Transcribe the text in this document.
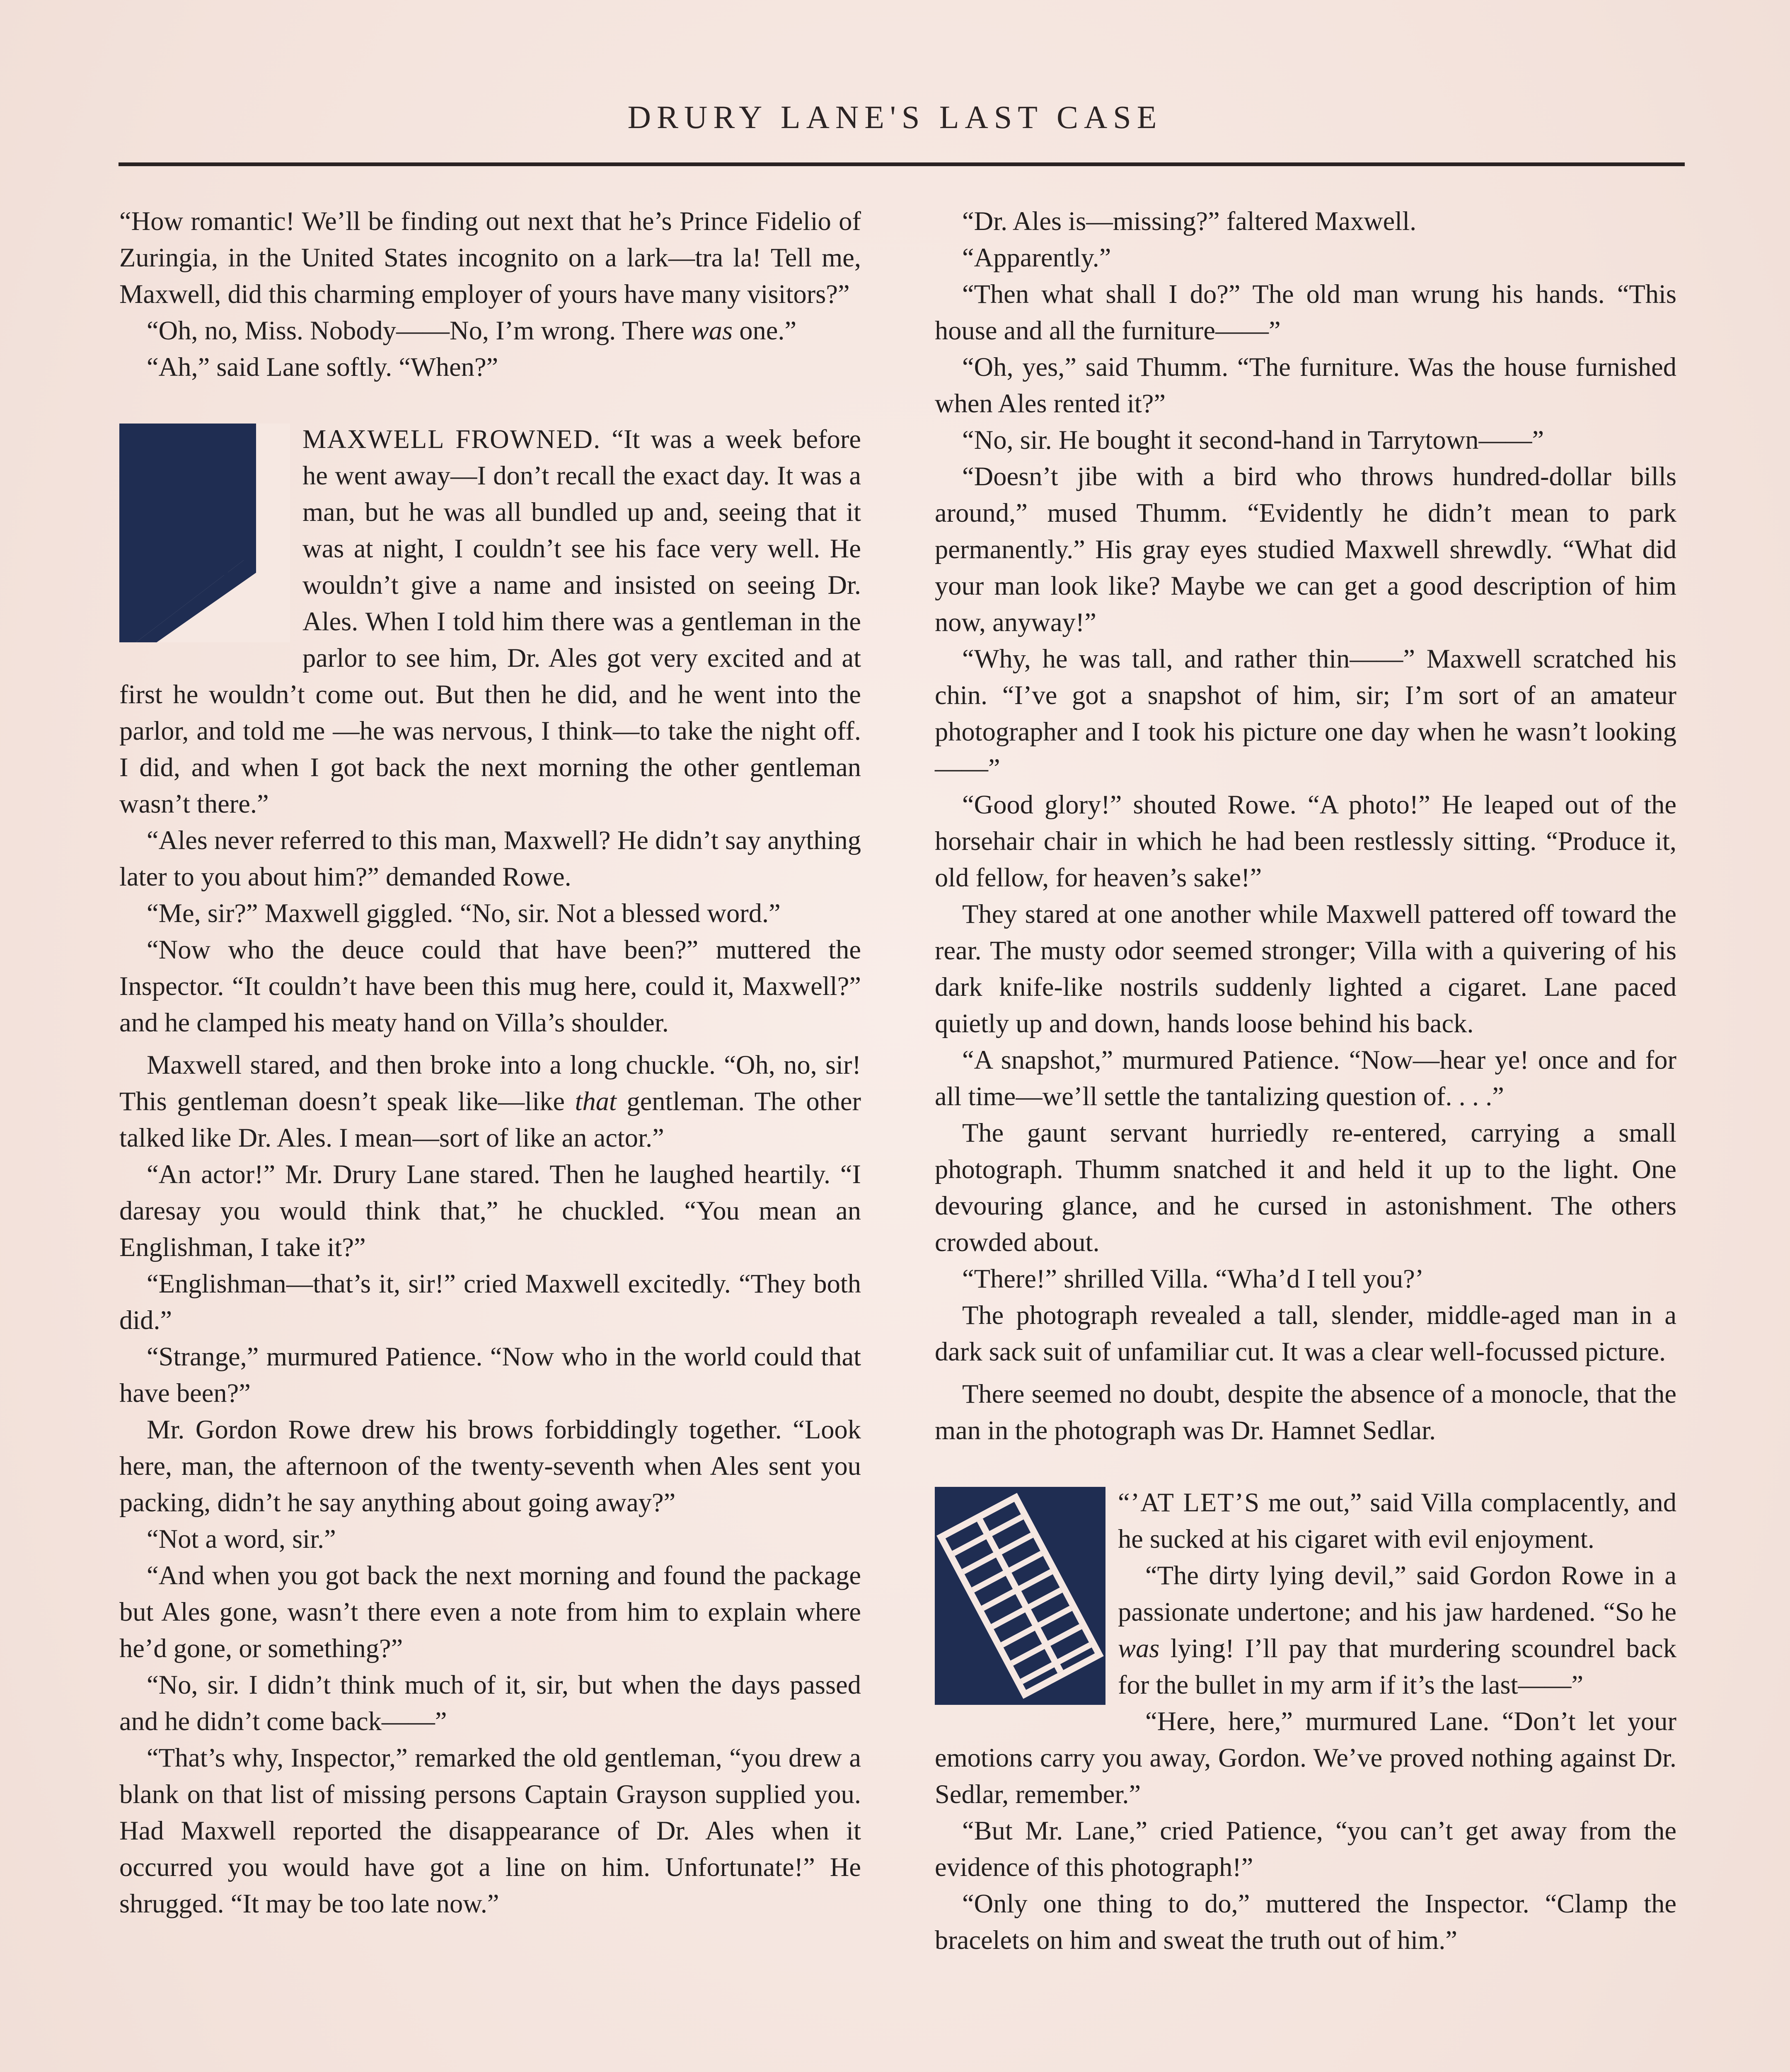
DRURY LANE'S LAST CASE

“How romantic! We’ll be finding out next that he’s Prince Fidelio of Zuringia, in the United States incognito on a lark—tra la! Tell me, Maxwell, did this charming employer of yours have many visitors?”

“Oh, no, Miss. Nobody——No, I’m wrong. There was one.”

“Ah,” said Lane softly. “When?”

MAXWELL FROWNED. “It was a week before he went away—I don’t recall the exact day. It was a man, but he was all bundled up and, seeing that it was at night, I couldn’t see his face very well. He wouldn’t give a name and insisted on seeing Dr. Ales. When I told him there was a gentleman in the parlor to see him, Dr. Ales got very excited and at first he wouldn’t come out. But then he did, and he went into the parlor, and told me —he was nervous, I think—to take the night off. I did, and when I got back the next morning the other gentleman wasn’t there.”

“Ales never referred to this man, Maxwell? He didn’t say anything later to you about him?” demanded Rowe.

“Me, sir?” Maxwell giggled. “No, sir. Not a blessed word.”

“Now who the deuce could that have been?” muttered the Inspector. “It couldn’t have been this mug here, could it, Maxwell?” and he clamped his meaty hand on Villa’s shoulder.

Maxwell stared, and then broke into a long chuckle. “Oh, no, sir! This gentleman doesn’t speak like—like that gentleman. The other talked like Dr. Ales. I mean—sort of like an actor.”

“An actor!” Mr. Drury Lane stared. Then he laughed heartily. “I daresay you would think that,” he chuckled. “You mean an Englishman, I take it?”

“Englishman—that’s it, sir!” cried Maxwell excitedly. “They both did.”

“Strange,” murmured Patience. “Now who in the world could that have been?”

Mr. Gordon Rowe drew his brows forbiddingly together. “Look here, man, the afternoon of the twenty-seventh when Ales sent you packing, didn’t he say anything about going away?”

“Not a word, sir.”

“And when you got back the next morning and found the package but Ales gone, wasn’t there even a note from him to explain where he’d gone, or something?”

“No, sir. I didn’t think much of it, sir, but when the days passed and he didn’t come back——”

“That’s why, Inspector,” remarked the old gentleman, “you drew a blank on that list of missing persons Captain Grayson supplied you. Had Maxwell reported the disappearance of Dr. Ales when it occurred you would have got a line on him. Unfortunate!” He shrugged. “It may be too late now.”

“Dr. Ales is—missing?” faltered Maxwell.

“Apparently.”

“Then what shall I do?” The old man wrung his hands. “This house and all the furniture——”

“Oh, yes,” said Thumm. “The furniture. Was the house furnished when Ales rented it?”

“No, sir. He bought it second-hand in Tarrytown——”

“Doesn’t jibe with a bird who throws hundred-dollar bills around,” mused Thumm. “Evidently he didn’t mean to park permanently.” His gray eyes studied Maxwell shrewdly. “What did your man look like? Maybe we can get a good description of him now, anyway!”

“Why, he was tall, and rather thin——” Maxwell scratched his chin. “I’ve got a snapshot of him, sir; I’m sort of an amateur photographer and I took his picture one day when he wasn’t looking——”

“Good glory!” shouted Rowe. “A photo!” He leaped out of the horsehair chair in which he had been restlessly sitting. “Produce it, old fellow, for heaven’s sake!”

They stared at one another while Maxwell pattered off toward the rear. The musty odor seemed stronger; Villa with a quivering of his dark knife-like nostrils suddenly lighted a cigaret. Lane paced quietly up and down, hands loose behind his back.

“A snapshot,” murmured Patience. “Now—hear ye! once and for all time—we’ll settle the tantalizing question of. . . .”

The gaunt servant hurriedly re-entered, carrying a small photograph. Thumm snatched it and held it up to the light. One devouring glance, and he cursed in astonishment. The others crowded about.

“There!” shrilled Villa. “Wha’d I tell you?’

The photograph revealed a tall, slender, middle-aged man in a dark sack suit of unfamiliar cut. It was a clear well-focussed picture.

There seemed no doubt, despite the absence of a monocle, that the man in the photograph was Dr. Hamnet Sedlar.

“’AT LET’S me out,” said Villa complacently, and he sucked at his cigaret with evil enjoyment.

“The dirty lying devil,” said Gordon Rowe in a passionate undertone; and his jaw hardened. “So he was lying! I’ll pay that murdering scoundrel back for the bullet in my arm if it’s the last——”

“Here, here,” murmured Lane. “Don’t let your emotions carry you away, Gordon. We’ve proved nothing against Dr. Sedlar, remember.”

“But Mr. Lane,” cried Patience, “you can’t get away from the evidence of this photograph!”

“Only one thing to do,” muttered the Inspector. “Clamp the bracelets on him and sweat the truth out of him.”
